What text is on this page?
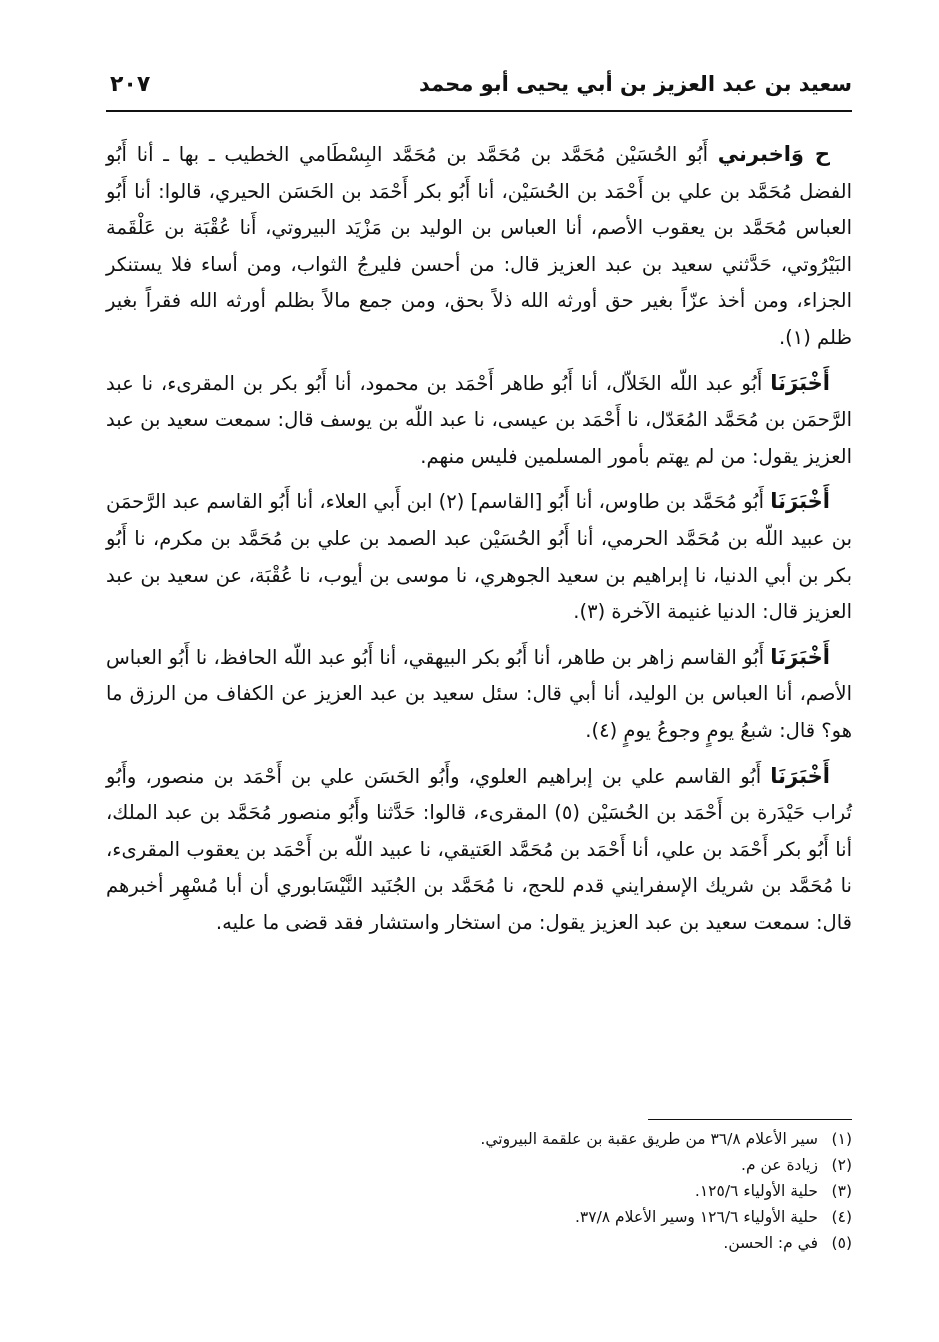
سعيد بن عبد العزيز بن أبي يحيى أبو محمد
٢٠٧

ح وَاخبرني أَبُو الحُسَيْن مُحَمَّد بن مُحَمَّد بن مُحَمَّد البِسْطَامي الخطيب ـ بها ـ أنا أَبُو الفضل مُحَمَّد بن علي بن أَحْمَد بن الحُسَيْن، أنا أَبُو بكر أَحْمَد بن الحَسَن الحيري، قالوا: أنا أَبُو العباس مُحَمَّد بن يعقوب الأصم، أنا العباس بن الوليد بن مَزْيَد البيروتي، أَنا عُقْبَة بن عَلْقَمة البَيْرُوتي، حَدَّثني سعيد بن عبد العزيز قال: من أحسن فليرجُ الثواب، ومن أساء فلا يستنكر الجزاء، ومن أخذ عزّاً بغير حق أورثه الله ذلاً بحق، ومن جمع مالاً بظلم أورثه الله فقراً بغير ظلم (١).

أَخْبَرَنَا أَبُو عبد اللّه الخَلاّل، أنا أَبُو طاهر أَحْمَد بن محمود، أنا أَبُو بكر بن المقرىء، نا عبد الرَّحمَن بن مُحَمَّد المُعَدّل، نا أَحْمَد بن عيسى، نا عبد اللّه بن يوسف قال: سمعت سعيد بن عبد العزيز يقول: من لم يهتم بأمور المسلمين فليس منهم.

أَخْبَرَنَا أَبُو مُحَمَّد بن طاوس، أنا أَبُو [القاسم] (٢) ابن أَبي العلاء، أنا أَبُو القاسم عبد الرَّحمَن بن عبيد اللّه بن مُحَمَّد الحرمي، أنا أَبُو الحُسَيْن عبد الصمد بن علي بن مُحَمَّد بن مكرم، نا أَبُو بكر بن أبي الدنيا، نا إبراهيم بن سعيد الجوهري، نا موسى بن أيوب، نا عُقْبَة، عن سعيد بن عبد العزيز قال: الدنيا غنيمة الآخرة (٣).

أَخْبَرَنَا أَبُو القاسم زاهر بن طاهر، أنا أَبُو بكر البيهقي، أنا أَبُو عبد اللّه الحافظ، نا أَبُو العباس الأصم، أنا العباس بن الوليد، أنا أبي قال: سئل سعيد بن عبد العزيز عن الكفاف من الرزق ما هو؟ قال: شبعُ يومٍ وجوعُ يومٍ (٤).

أَخْبَرَنَا أَبُو القاسم علي بن إبراهيم العلوي، وأَبُو الحَسَن علي بن أَحْمَد بن منصور، وأَبُو تُراب حَيْدَرة بن أَحْمَد بن الحُسَيْن (٥) المقرىء، قالوا: حَدَّثنا وأَبُو منصور مُحَمَّد بن عبد الملك، أنا أَبُو بكر أَحْمَد بن علي، أنا أَحْمَد بن مُحَمَّد العَتيقي، نا عبيد اللّه بن أَحْمَد بن يعقوب المقرىء، نا مُحَمَّد بن شريك الإسفرايني قدم للحج، نا مُحَمَّد بن الجُنَيد النَّيْسَابوري أن أبا مُسْهِر أخبرهم قال: سمعت سعيد بن عبد العزيز يقول: من استخار واستشار فقد قضى ما عليه.

(١)
سير الأعلام ٣٦/٨ من طريق عقبة بن علقمة البيروتي.
(٢)
زيادة عن م.
(٣)
حلية الأولياء ١٢٥/٦.
(٤)
حلية الأولياء ١٢٦/٦ وسير الأعلام ٣٧/٨.
(٥)
في م: الحسن.
